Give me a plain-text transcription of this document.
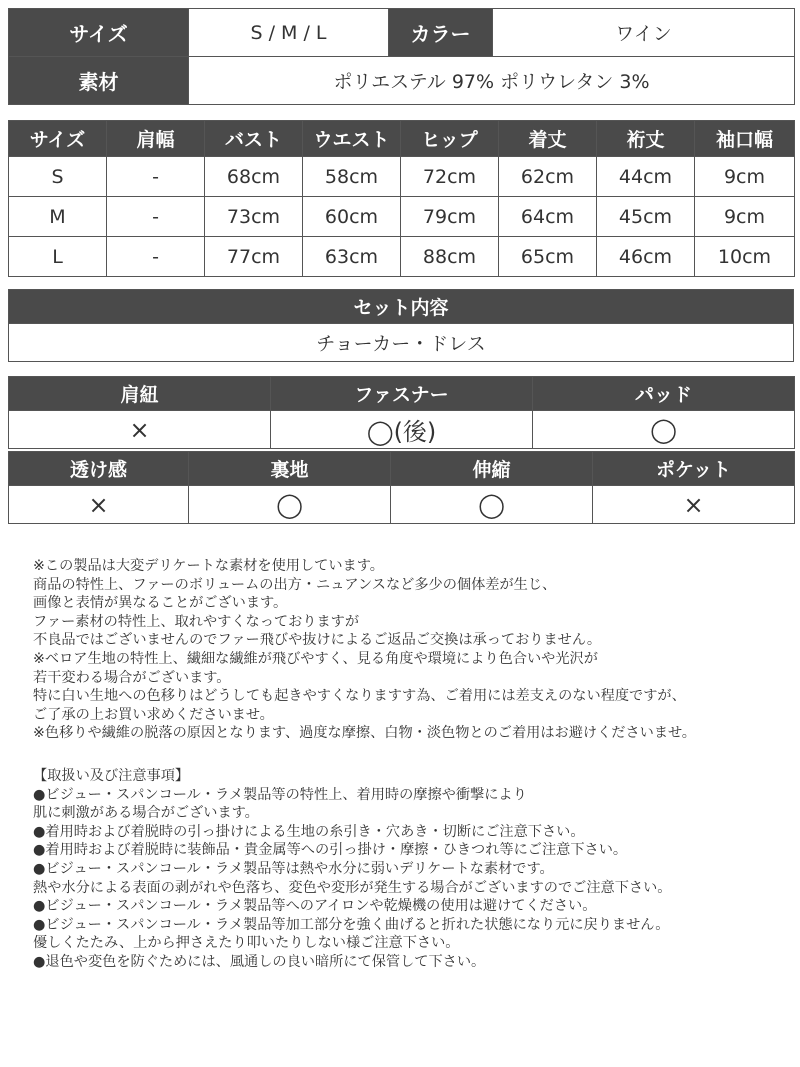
サイズ	S / M / L	カラー	ワイン
素材	ポリエステル 97% ポリウレタン 3%		
サイズ	肩幅	バスト	ウエスト	ヒップ	着丈	裄丈	袖口幅
S	-	68cm	58cm	72cm	62cm	44cm	9cm
M	-	73cm	60cm	79cm	64cm	45cm	9cm
L	-	77cm	63cm	88cm	65cm	46cm	10cm
セット内容
チョーカー・ドレス
肩紐	ファスナー	パッド
×	◯(後)	◯
透け感	裏地	伸縮	ポケット
×	◯	◯	×
※この製品は大変デリケートな素材を使用しています。
商品の特性上、ファーのボリュームの出方・ニュアンスなど多少の個体差が生じ、
画像と表情が異なることがございます。
ファー素材の特性上、取れやすくなっておりますが
不良品ではございませんのでファー飛びや抜けによるご返品ご交換は承っておりません。
※ベロア生地の特性上、繊細な繊維が飛びやすく、見る角度や環境により色合いや光沢が
若干変わる場合がございます。
特に白い生地への色移りはどうしても起きやすくなりますす為、ご着用には差支えのない程度ですが、
ご了承の上お買い求めくださいませ。
※色移りや繊維の脱落の原因となります、過度な摩擦、白物・淡色物とのご着用はお避けくださいませ。
【取扱い及び注意事項】
●ビジュー・スパンコール・ラメ製品等の特性上、着用時の摩擦や衝撃により
肌に刺激がある場合がございます。
●着用時および着脱時の引っ掛けによる生地の糸引き・穴あき・切断にご注意下さい。
●着用時および着脱時に装飾品・貴金属等への引っ掛け・摩擦・ひきつれ等にご注意下さい。
●ビジュー・スパンコール・ラメ製品等は熱や水分に弱いデリケートな素材です。
熱や水分による表面の剥がれや色落ち、変色や変形が発生する場合がございますのでご注意下さい。
●ビジュー・スパンコール・ラメ製品等へのアイロンや乾燥機の使用は避けてください。
●ビジュー・スパンコール・ラメ製品等加工部分を強く曲げると折れた状態になり元に戻りません。
優しくたたみ、上から押さえたり叩いたりしない様ご注意下さい。
●退色や変色を防ぐためには、風通しの良い暗所にて保管して下さい。
